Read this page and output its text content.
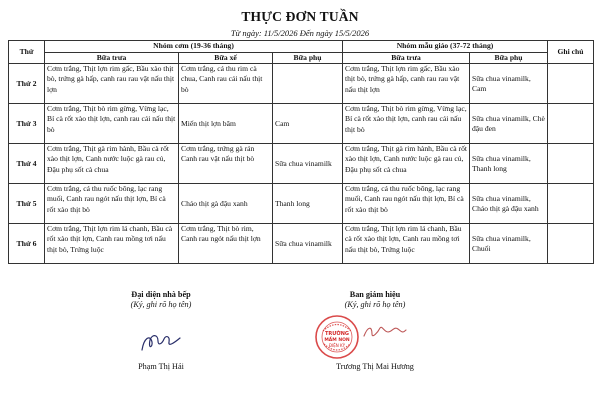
THỰC ĐƠN TUẦN
Từ ngày: 11/5/2026 Đến ngày 15/5/2026
Thứ	Nhóm cơm (19-36 tháng)			Nhóm mẫu giáo (37-72 tháng)		Ghi chú
	Bữa trưa	Bữa xế	Bữa phụ	Bữa trưa	Bữa phụ	
Thứ 2	Cơm trắng, Thịt lợn rim gấc, Bầu xào thịt bò, trứng gà hấp, canh rau rau vặt nấu thịt lợn	Cơm trắng, cá thu rim cà chua, Canh rau cải nấu thịt bò		Cơm trắng, Thịt lợn rim gấc, Bầu xào thịt bò, trứng gà hấp, canh rau rau vặt nấu thịt lợn	Sữa chua vinamilk, Cam	
Thứ 3	Cơm trắng, Thịt bò rim gừng, Vừng lạc, Bí cà rốt xào thịt lợn, canh rau cải nấu thịt bò	Miến thịt lợn băm	Cam	Cơm trắng, Thịt bò rim gừng, Vừng lạc, Bí cà rốt xào thịt lợn, canh rau cải nấu thịt bò	Sữa chua vinamilk, Chè đậu đen	
Thứ 4	Cơm trắng, Thịt gà rim hành, Bầu cà rốt xào thịt lợn, Canh nước luộc gà rau củ, Đậu phụ sốt cà chua	Cơm trắng, trứng gà rán Canh rau vặt nấu thịt bò	Sữa chua vinamilk	Cơm trắng, Thịt gà rim hành, Bầu cà rốt xào thịt lợn, Canh nước luộc gà rau củ, Đậu phụ sốt cà chua	Sữa chua vinamilk, Thanh long	
Thứ 5	Cơm trắng, cá thu ruốc bông, lạc rang muối, Canh rau ngót nấu thịt lợn, Bí cà rốt xào thịt bò	Cháo thịt gà đậu xanh	Thanh long	Cơm trắng, cá thu ruốc bông, lạc rang muối, Canh rau ngót nấu thịt lợn, Bí cà rốt xào thịt bò	Sữa chua vinamilk, Cháo thịt gà đậu xanh	
Thứ 6	Cơm trắng, Thịt lợn rim lá chanh, Bầu cà rốt xào thịt lợn, Canh rau mồng tơi nấu thịt bò, Trứng luộc	Cơm trắng, Thịt bò rim, Canh rau ngót nấu thịt lợn	Sữa chua vinamilk	Cơm trắng, Thịt lợn rim lá chanh, Bầu cà rốt xào thịt lợn, Canh rau mồng tơi nấu thịt bò, Trứng luộc	Sữa chua vinamilk, Chuối	
Đại diện nhà bếp
(Ký, ghi rõ họ tên)
Phạm Thị Hải
Ban giám hiệu
(Ký, ghi rõ họ tên)
TRƯỜNG
MẦM NON
ĐIỆN KỲ
Trương Thị Mai Hương
